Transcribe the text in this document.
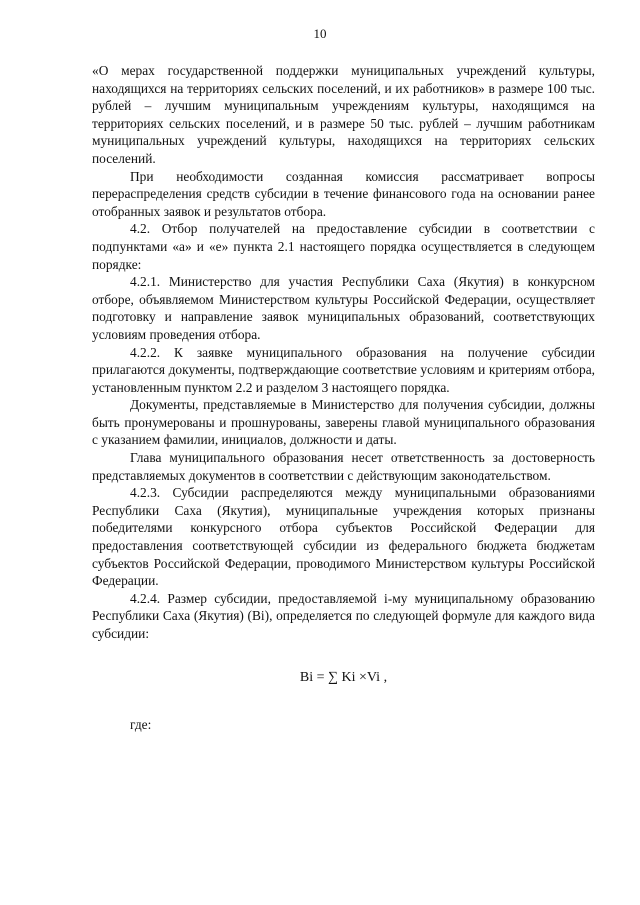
10

«О мерах государственной поддержки муниципальных учреждений культуры, находящихся на территориях сельских поселений, и их работников» в размере 100 тыс. рублей – лучшим муниципальным учреждениям культуры, находящимся на территориях сельских поселений, и в размере 50 тыс. рублей – лучшим работникам муниципальных учреждений культуры, находящихся на территориях сельских поселений.

При необходимости созданная комиссия рассматривает вопросы перераспределения средств субсидии в течение финансового года на основании ранее отобранных заявок и результатов отбора.

4.2. Отбор получателей на предоставление субсидии в соответствии с подпунктами «а» и «е» пункта 2.1 настоящего порядка осуществляется в следующем порядке:

4.2.1. Министерство для участия Республики Саха (Якутия) в конкурсном отборе, объявляемом Министерством культуры Российской Федерации, осуществляет подготовку и направление заявок муниципальных образований, соответствующих условиям проведения отбора.

4.2.2. К заявке муниципального образования на получение субсидии прилагаются документы, подтверждающие соответствие условиям и критериям отбора, установленным пунктом 2.2 и разделом 3 настоящего порядка.

Документы, представляемые в Министерство для получения субсидии, должны быть пронумерованы и прошнурованы, заверены главой муниципального образования с указанием фамилии, инициалов, должности и даты.

Глава муниципального образования несет ответственность за достоверность представляемых документов в соответствии с действующим законодательством.

4.2.3. Субсидии распределяются между муниципальными образованиями Республики Саха (Якутия), муниципальные учреждения которых признаны победителями конкурсного отбора субъектов Российской Федерации для предоставления соответствующей субсидии из федерального бюджета бюджетам субъектов Российской Федерации, проводимого Министерством культуры Российской Федерации.

4.2.4. Размер субсидии, предоставляемой i-му муниципальному образованию Республики Саха (Якутия) (Bi), определяется по следующей формуле для каждого вида субсидии:

Bi = ∑ Ki ×Vi ,

где:
